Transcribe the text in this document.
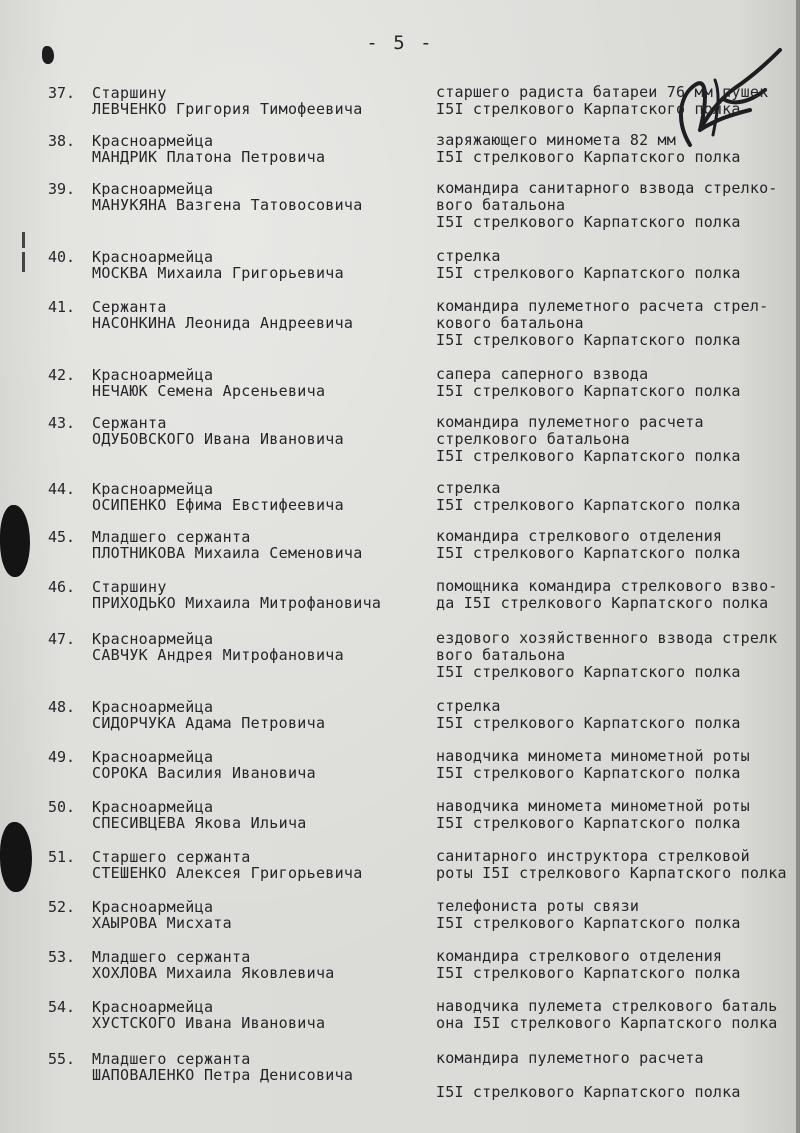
- 5 -
37. Старшину
ЛЕВЧЕНКО Григория Тимофеевича
старшего радиста батареи 76 мм пушек
I5I стрелкового Карпатского полка
38. Красноармейца
МАНДРИК Платона Петровича
заряжающего миномета 82 мм
I5I стрелкового Карпатского полка
39. Красноармейца
МАНУКЯНА Вазгена Татовосовича
командира санитарного взвода стрелко-
вого батальона
I5I стрелкового Карпатского полка
40. Красноармейца
МОСКВА Михаила Григорьевича
стрелка
I5I стрелкового Карпатского полка
41. Сержанта
НАСОНКИНА Леонида Андреевича
командира пулеметного расчета стрел-
кового батальона
I5I стрелкового Карпатского полка
42. Красноармейца
НЕЧАЮК Семена Арсеньевича
сапера саперного взвода
I5I стрелкового Карпатского полка
43. Сержанта
ОДУБОВСКОГО Ивана Ивановича
командира пулеметного расчета
стрелкового батальона
I5I стрелкового Карпатского полка
44. Красноармейца
ОСИПЕНКО Ефима Евстифеевича
стрелка
I5I стрелкового Карпатского полка
45. Младшего сержанта
ПЛОТНИКОВА Михаила Семеновича
командира стрелкового отделения
I5I стрелкового Карпатского полка
46. Старшину
ПРИХОДЬКО Михаила Митрофановича
помощника командира стрелкового взво-
да I5I стрелкового Карпатского полка
47. Красноармейца
САВЧУК Андрея Митрофановича
ездового хозяйственного взвода стрелк
вого батальона
I5I стрелкового Карпатского полка
48. Красноармейца
СИДОРЧУКА Адама Петровича
стрелка
I5I стрелкового Карпатского полка
49. Красноармейца
СОРОКА Василия Ивановича
наводчика миномета минометной роты
I5I стрелкового Карпатского полка
50. Красноармейца
СПЕСИВЦЕВА Якова Ильича
наводчика миномета минометной роты
I5I стрелкового Карпатского полка
51. Старшего сержанта
СТЕШЕНКО Алексея Григорьевича
санитарного инструктора стрелковой
роты I5I стрелкового Карпатского полка
52. Красноармейца
ХАЫРОВА Мисхата
телефониста роты связи
I5I стрелкового Карпатского полка
53. Младшего сержанта
ХОХЛОВА Михаила Яковлевича
командира стрелкового отделения
I5I стрелкового Карпатского полка
54. Красноармейца
ХУСТСКОГО Ивана Ивановича
наводчика пулемета стрелкового баталь
она I5I стрелкового Карпатского полка
55. Младшего сержанта
ШАПОВАЛЕНКО Петра Денисовича
командира пулеметного расчета

I5I стрелкового Карпатского полка
